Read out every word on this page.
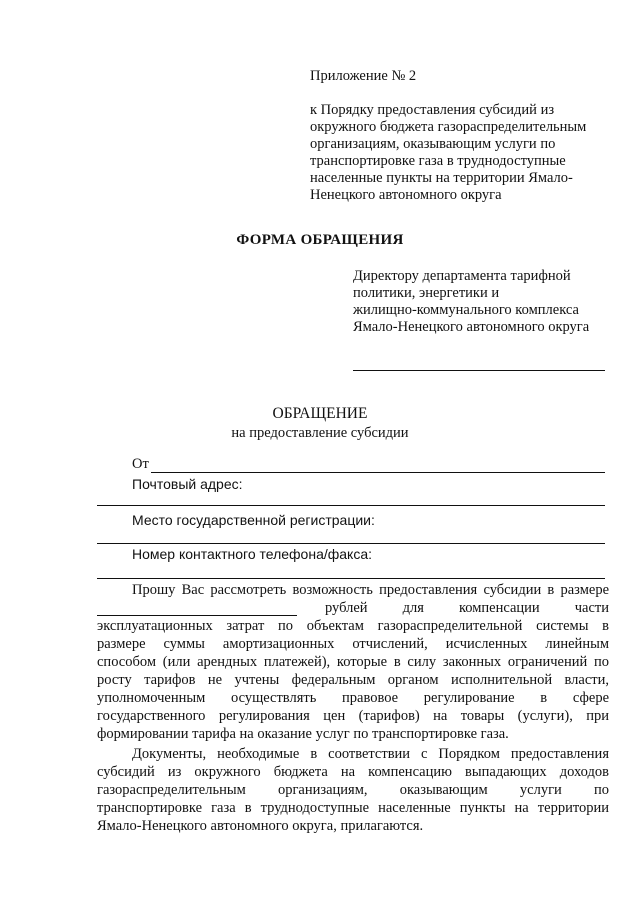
Приложение № 2
к Порядку предоставления субсидий из
окружного бюджета газораспределительным
организациям, оказывающим услуги по
транспортировке газа в труднодоступные
населенные пункты на территории Ямало-
Ненецкого автономного округа
ФОРМА ОБРАЩЕНИЯ
Директору департамента тарифной
политики, энергетики и
жилищно-коммунального комплекса
Ямало-Ненецкого автономного округа
ОБРАЩЕНИЕ
на предоставление субсидии
От
Почтовый адрес:
Место государственной регистрации:
Номер контактного телефона/факса:
Прошу Вас рассмотреть возможность предоставления субсидии в размере
рублей для компенсации части
эксплуатационных затрат по объектам газораспределительной системы в
размере суммы амортизационных отчислений, исчисленных линейным
способом (или арендных платежей), которые в силу законных ограничений по
росту тарифов не учтены федеральным органом исполнительной власти,
уполномоченным осуществлять правовое регулирование в сфере
государственного регулирования цен (тарифов) на товары (услуги), при
формировании тарифа на оказание услуг по транспортировке газа.
Документы, необходимые в соответствии с Порядком предоставления
субсидий из окружного бюджета на компенсацию выпадающих доходов
газораспределительным организациям, оказывающим услуги по
транспортировке газа в труднодоступные населенные пункты на территории
Ямало-Ненецкого автономного округа, прилагаются.
